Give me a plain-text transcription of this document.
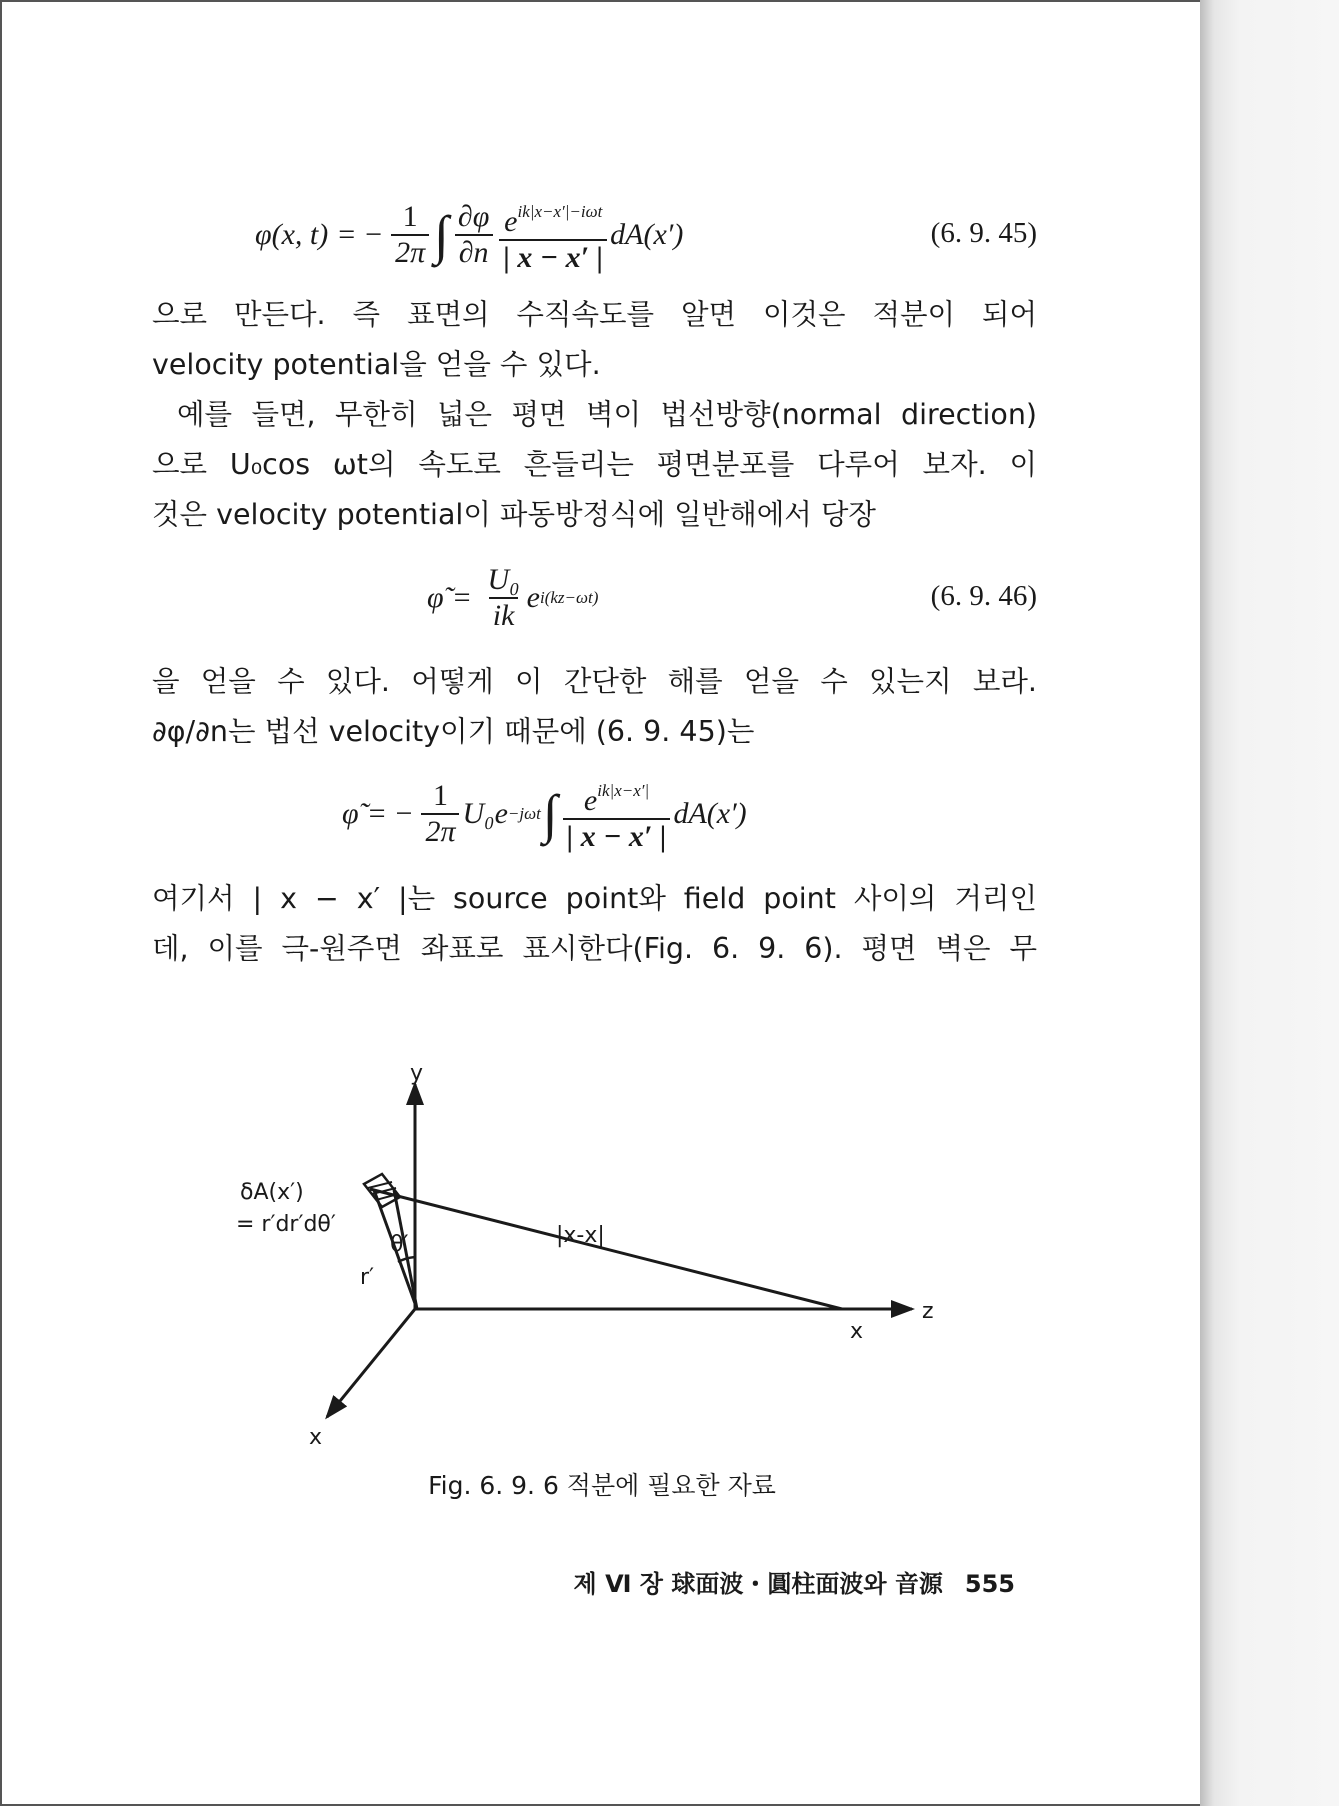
φ(x, t) = − $\frac{1}{2\pi}$ ∫ $\frac{\partial\varphi}{\partial n} \frac{e^{ik|x-x'|-i\omega t}}{| x - x' |} dA(x')$	(6. 9. 45)
으로 만든다. 즉 표면의 수직속도를 알면 이것은 적분이 되어
velocity potential을 얻을 수 있다.
예를 들면, 무한히 넓은 평면 벽이 법선방향(normal direction)
으로 U₀cos ωt의 속도로 흔들리는 평면분포를 다루어 보자. 이
것은 velocity potential이 파동방정식에 일반해에서 당장
φ̃ = $\frac{\text{U₀}}{ik}$ e i(kz−ωt)	(6. 9. 46)
을 얻을 수 있다. 어떻게 이 간단한 해를 얻을 수 있는지 보라.
∂φ/∂n는 법선 velocity이기 때문에 (6. 9. 45)는
φ̃ = − $\frac{1}{2\pi} U_0e -j\omega t$ ∫ $\frac{e^{ik|x-x'|}}{| x - x' |} dA(x')$
여기서 | x − x′ |는 source point와 field point 사이의 거리인
데, 이를 극-원주면 좌표로 표시한다(Fig. 6. 9. 6). 평면 벽은 무
y
z
x
x
δA(x′)
= r′dr′dθ′
θ′
r′
|x-x|
Fig. 6. 9. 6 적분에 필요한 자료
제 Ⅵ 장 球面波・圓柱面波와 音源 555
